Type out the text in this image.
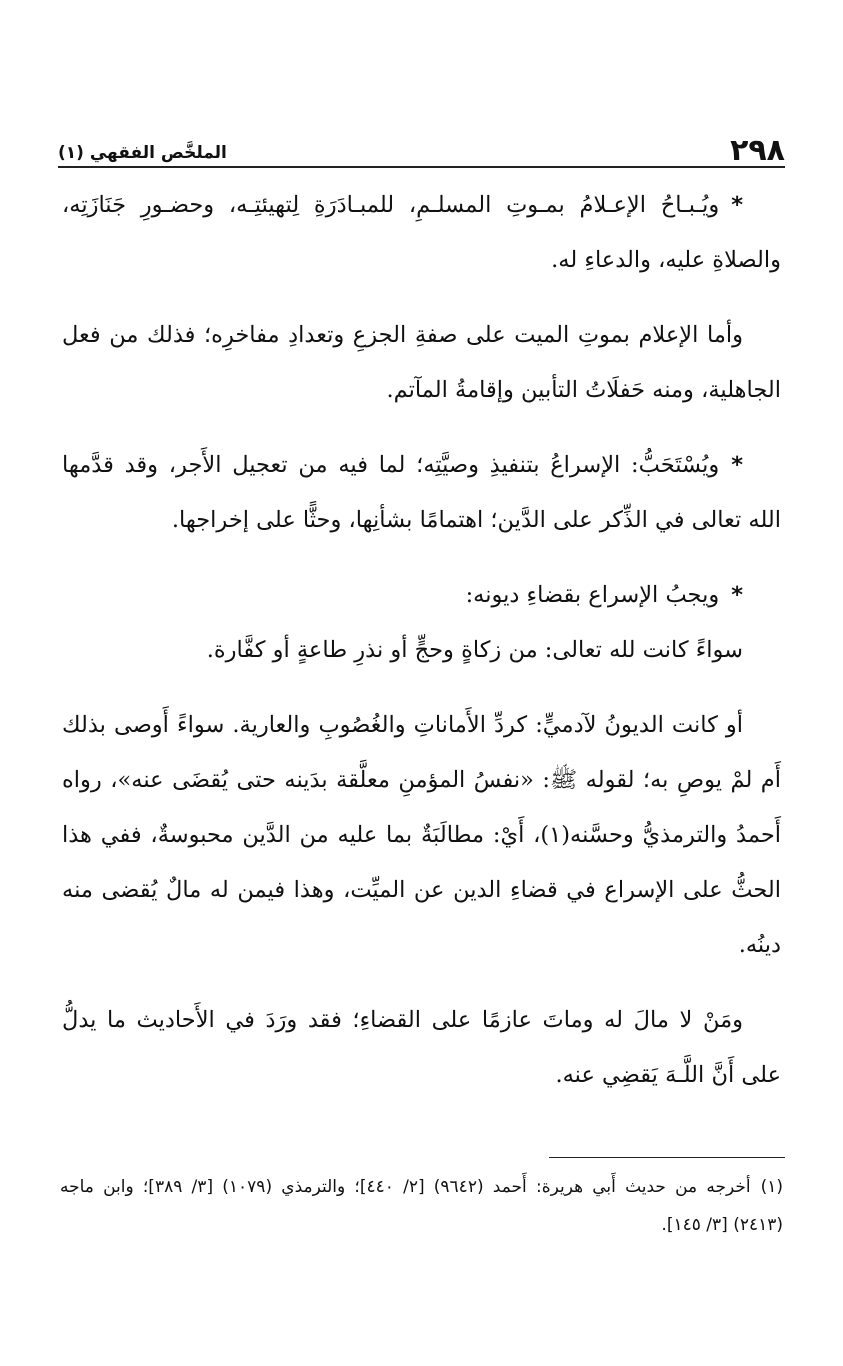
٢٩٨
الملخَّص الفقهي (١)

*ويُـبـاحُ الإعـلامُ بمـوتِ المسلـمِ، للمبـادَرَةِ لِتهيئتِـه، وحضـورِ جَنَازَتِه، والصلاةِ عليه، والدعاءِ له.

وأما الإعلام بموتِ الميت على صفةِ الجزعِ وتعدادِ مفاخرِه؛ فذلك من فعل الجاهلية، ومنه حَفلَاتُ التأبين وإقامةُ المآتم.

*ويُسْتَحَبُّ: الإسراعُ بتنفيذِ وصيَّتِه؛ لما فيه من تعجيل الأَجر، وقد قدَّمها الله تعالى في الذِّكر على الدَّين؛ اهتمامًا بشأنِها، وحثًّا على إخراجها.

*ويجبُ الإسراع بقضاءِ ديونه:

سواءً كانت لله تعالى: من زكاةٍ وحجٍّ أو نذرِ طاعةٍ أو كفَّارة.

أو كانت الديونُ لآدميٍّ: كردِّ الأَماناتِ والغُصُوبِ والعارية. سواءً أَوصى بذلك أَم لمْ يوصِ به؛ لقوله ﷺ: «نفسُ المؤمنِ معلَّقة بدَينه حتى يُقضَى عنه»، رواه أَحمدُ والترمذيُّ وحسَّنه(١)، أَيْ: مطالَبَةٌ بما عليه من الدَّين محبوسةٌ، ففي هذا الحثُّ على الإسراع في قضاءِ الدين عن الميِّت، وهذا فيمن له مالٌ يُقضى منه دينُه.

ومَنْ لا مالَ له وماتَ عازمًا على القضاءِ؛ فقد ورَدَ في الأَحاديث ما يدلُّ على أَنَّ اللَّـهَ يَقضِي عنه.

(١)أخرجه من حديث أَبي هريرة: أَحمد (٩٦٤٢) [٢/ ٤٤٠]؛ والترمذي (١٠٧٩) [٣/ ٣٨٩]؛ وابن ماجه (٢٤١٣) [٣/ ١٤٥].
